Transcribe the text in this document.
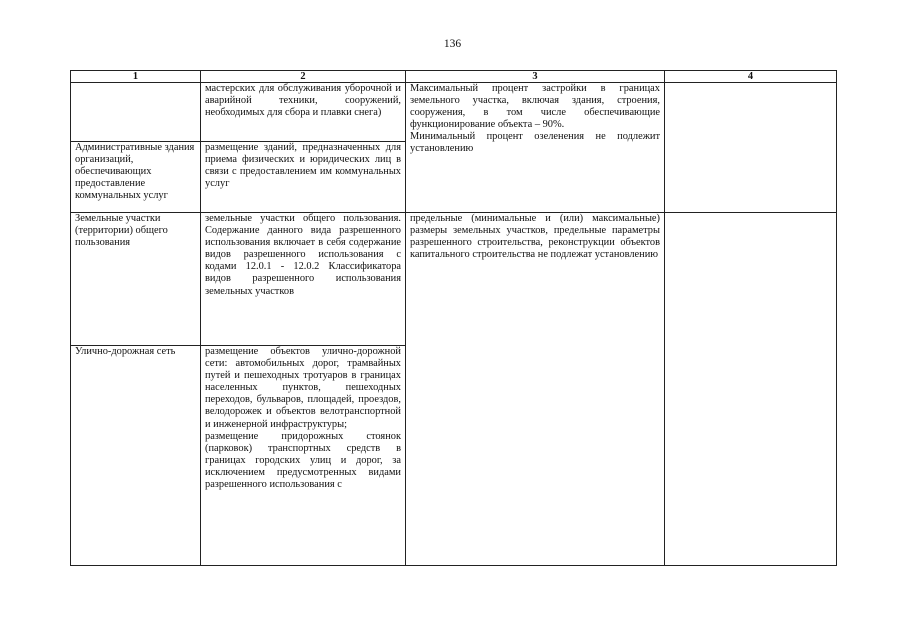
136
1	2	3	4

	мастерских для обслуживания уборочной и аварийной техники, сооружений, необходимых для сбора и плавки снега)	Максимальный процент застройки в границах земельного участка, включая здания, строения, сооружения, в том числе обеспечивающие функционирование объекта – 90%.
Минимальный процент озеленения не подлежит установлению	

Административные здания организаций, обеспечивающих предоставление коммунальных услуг	размещение зданий, предназначенных для приема физических и юридических лиц в связи с предоставлением им коммунальных услуг		

Земельные участки (территории) общего пользования	земельные участки общего пользования. Содержание данного вида разрешенного использования включает в себя содержание видов разрешенного использования с кодами 12.0.1 - 12.0.2 Классификатора видов разрешенного использования земельных участков	предельные (минимальные и (или) максимальные) размеры земельных участков, предельные параметры разрешенного строительства, реконструкции объектов капитального строительства не подлежат установлению	

Улично-дорожная сеть	размещение объектов улично-дорожной сети: автомобильных дорог, трамвайных путей и пешеходных тротуаров в границах населенных пунктов, пешеходных переходов, бульваров, площадей, проездов, велодорожек и объектов велотранспортной и инженерной инфраструктуры;
размещение придорожных стоянок (парковок) транспортных средств в границах городских улиц и дорог, за исключением предусмотренных видами разрешенного использования с		
